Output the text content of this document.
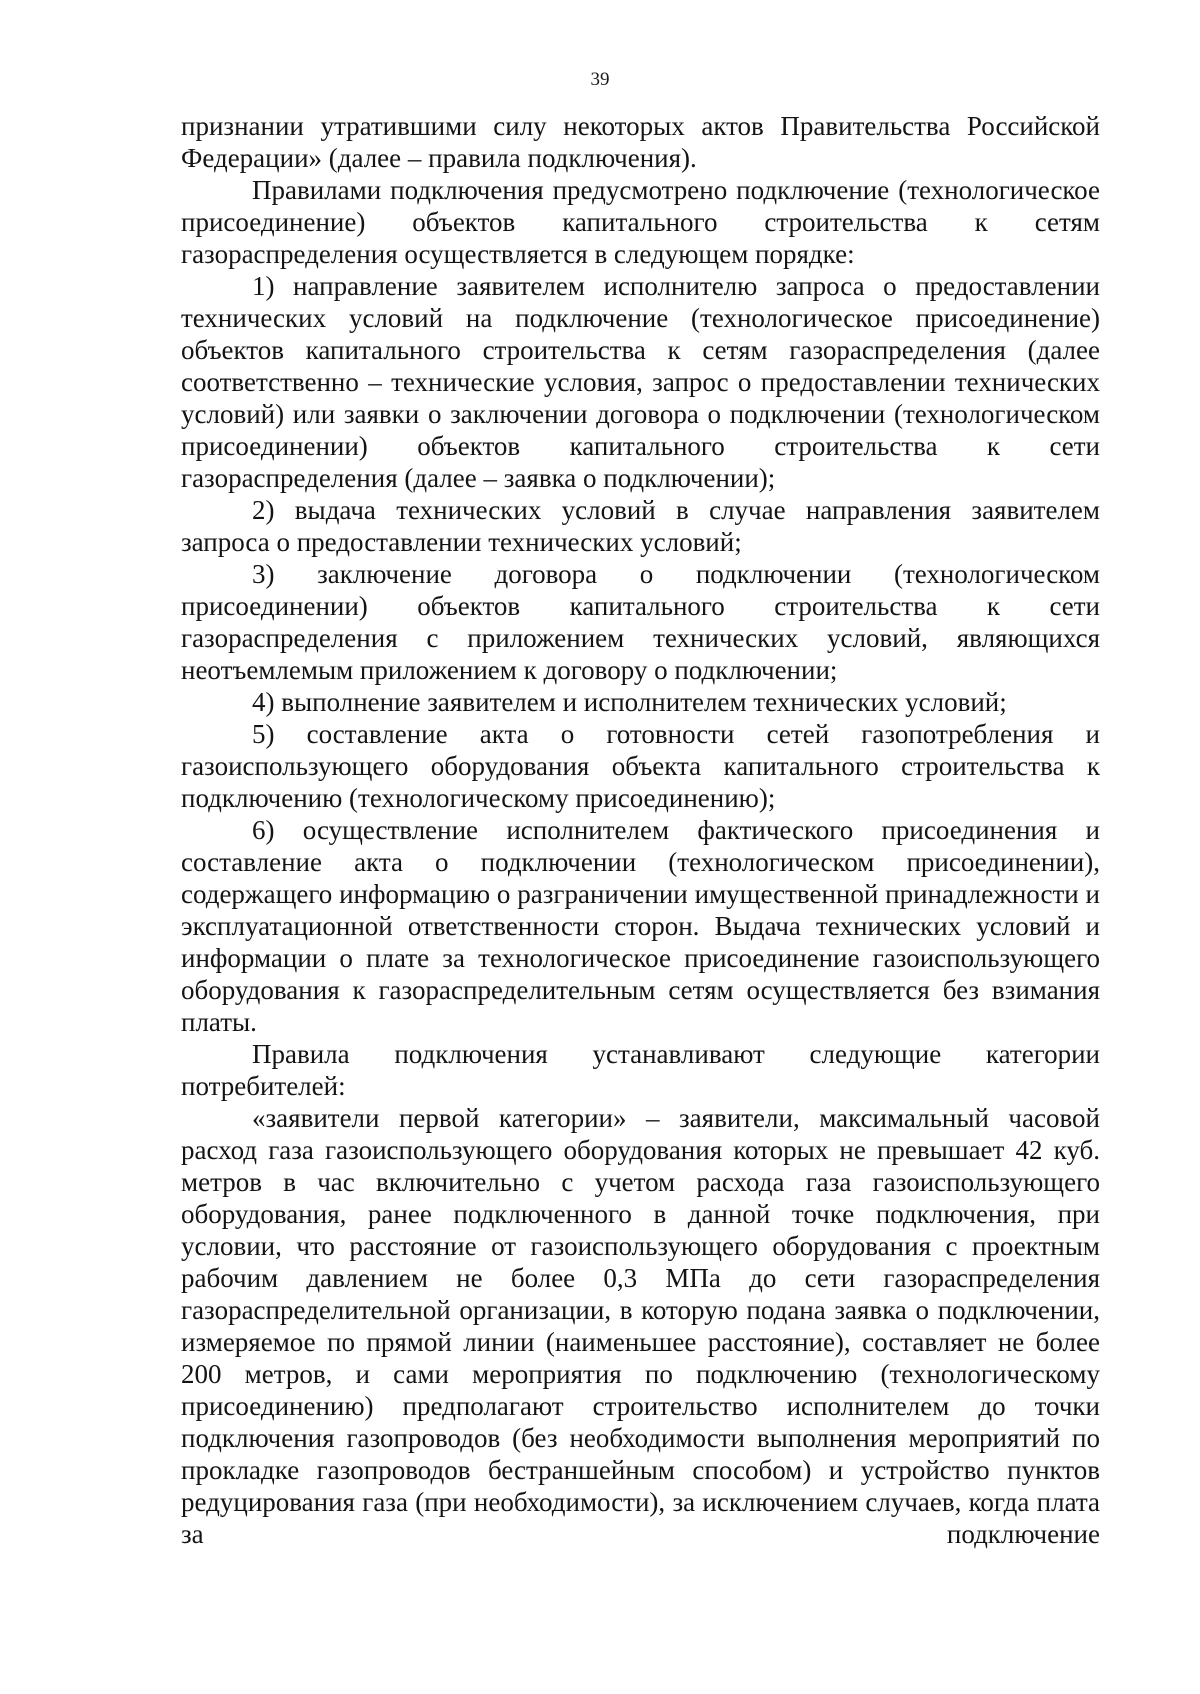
39

признании утратившими силу некоторых актов Правительства Российской Федерации» (далее – правила подключения).

Правилами подключения предусмотрено подключение (технологическое присоединение) объектов капитального строительства к сетям газораспределения осуществляется в следующем порядке:

1) направление заявителем исполнителю запроса о предоставлении технических условий на подключение (технологическое присоединение) объектов капитального строительства к сетям газораспределения (далее соответственно – технические условия, запрос о предоставлении технических условий) или заявки о заключении договора о подключении (технологическом присоединении) объектов капитального строительства к сети газораспределения (далее – заявка о подключении);

2) выдача технических условий в случае направления заявителем запроса о предоставлении технических условий;

3) заключение договора о подключении (технологическом присоединении) объектов капитального строительства к сети газораспределения с приложением технических условий, являющихся неотъемлемым приложением к договору о подключении;

4) выполнение заявителем и исполнителем технических условий;

5) составление акта о готовности сетей газопотребления и газоиспользующего оборудования объекта капитального строительства к подключению (технологическому присоединению);

6) осуществление исполнителем фактического присоединения и составление акта о подключении (технологическом присоединении), содержащего информацию о разграничении имущественной принадлежности и эксплуатационной ответственности сторон. Выдача технических условий и информации о плате за технологическое присоединение газоиспользующего оборудования к газораспределительным сетям осуществляется без взимания платы.

Правила подключения устанавливают следующие категории потребителей:

«заявители первой категории» – заявители, максимальный часовой расход газа газоиспользующего оборудования которых не превышает 42 куб. метров в час включительно с учетом расхода газа газоиспользующего оборудования, ранее подключенного в данной точке подключения, при условии, что расстояние от газоиспользующего оборудования с проектным рабочим давлением не более 0,3 МПа до сети газораспределения газораспределительной организации, в которую подана заявка о подключении, измеряемое по прямой линии (наименьшее расстояние), составляет не более 200 метров, и сами мероприятия по подключению (технологическому присоединению) предполагают строительство исполнителем до точки подключения газопроводов (без необходимости выполнения мероприятий по прокладке газопроводов бестраншейным способом) и устройство пунктов редуцирования газа (при необходимости), за исключением случаев, когда плата за подключение
